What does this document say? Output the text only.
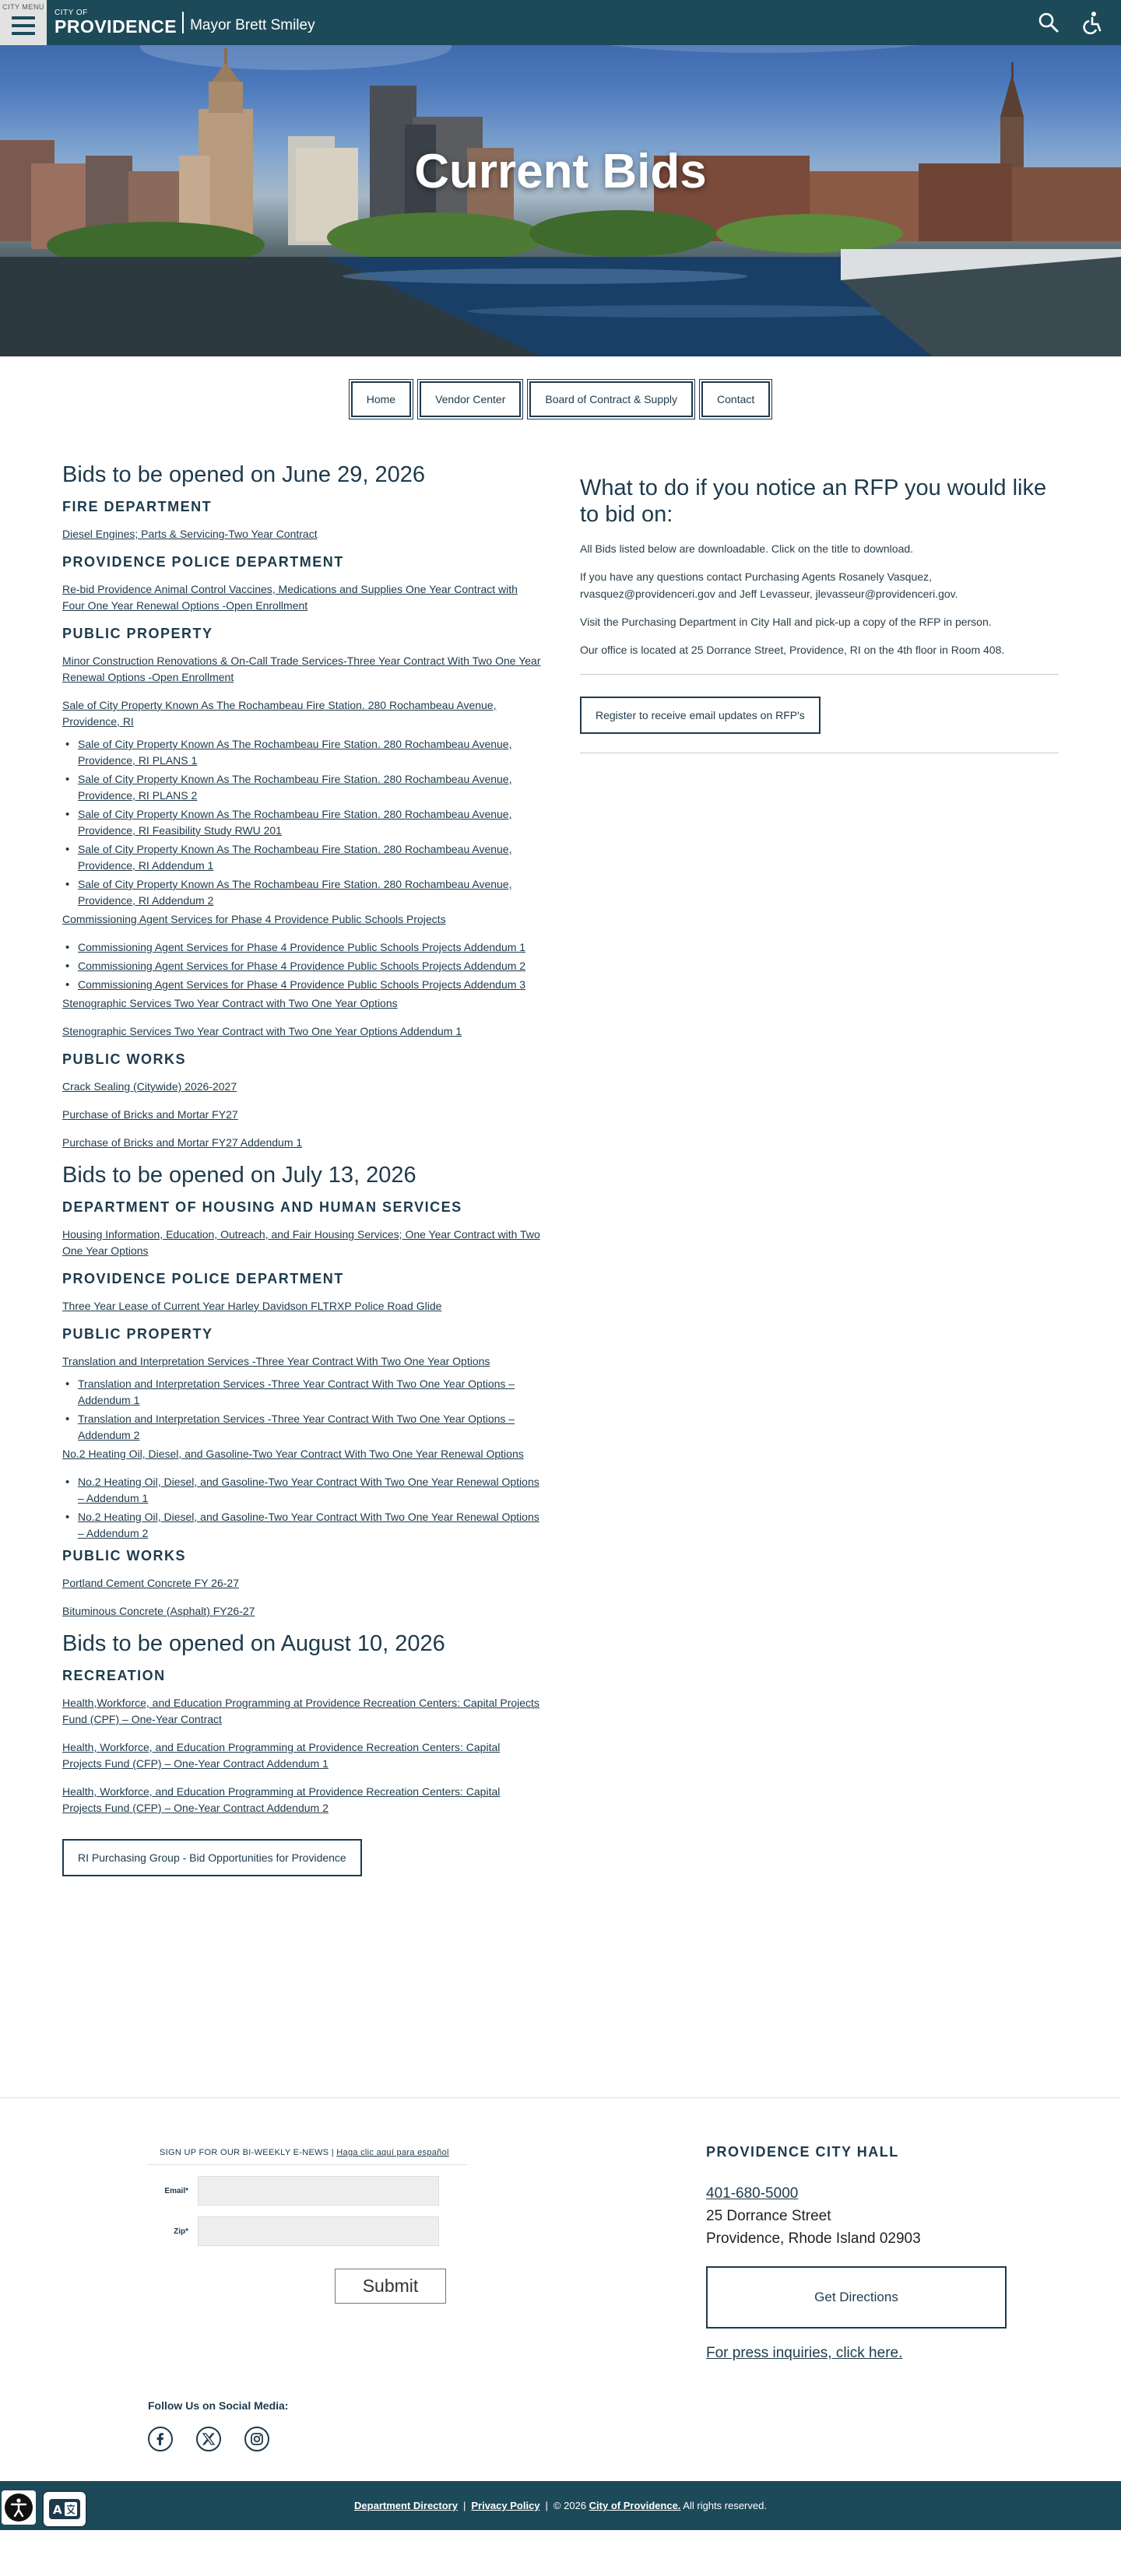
Current Bids
CITY MENU
CITY OF
PROVIDENCE Mayor Brett Smiley
Home	Vendor Center	Board of Contract & Supply	Contact
Bids to be opened on June 29, 2026
FIRE DEPARTMENT

Diesel Engines; Parts & Servicing-Two Year Contract

PROVIDENCE POLICE DEPARTMENT

Re-bid Providence Animal Control Vaccines, Medications and Supplies One Year Contract with Four One Year Renewal Options -Open Enrollment

PUBLIC PROPERTY

Minor Construction Renovations & On-Call Trade Services-Three Year Contract With Two One Year Renewal Options -Open Enrollment

Sale of City Property Known As The Rochambeau Fire Station. 280 Rochambeau Avenue, Providence, RI

• Sale of City Property Known As The Rochambeau Fire Station. 280 Rochambeau Avenue, Providence, RI PLANS 1
• Sale of City Property Known As The Rochambeau Fire Station. 280 Rochambeau Avenue, Providence, RI PLANS 2
• Sale of City Property Known As The Rochambeau Fire Station. 280 Rochambeau Avenue, Providence, RI Feasibility Study RWU 201
• Sale of City Property Known As The Rochambeau Fire Station. 280 Rochambeau Avenue, Providence, RI Addendum 1
• Sale of City Property Known As The Rochambeau Fire Station. 280 Rochambeau Avenue, Providence, RI Addendum 2

Commissioning Agent Services for Phase 4 Providence Public Schools Projects

• Commissioning Agent Services for Phase 4 Providence Public Schools Projects Addendum 1
• Commissioning Agent Services for Phase 4 Providence Public Schools Projects Addendum 2
• Commissioning Agent Services for Phase 4 Providence Public Schools Projects Addendum 3

Stenographic Services Two Year Contract with Two One Year Options

Stenographic Services Two Year Contract with Two One Year Options Addendum 1

PUBLIC WORKS

Crack Sealing (Citywide) 2026-2027

Purchase of Bricks and Mortar FY27

Purchase of Bricks and Mortar FY27 Addendum 1

Bids to be opened on July 13, 2026
DEPARTMENT OF HOUSING AND HUMAN SERVICES

Housing Information, Education, Outreach, and Fair Housing Services; One Year Contract with Two One Year Options

PROVIDENCE POLICE DEPARTMENT

Three Year Lease of Current Year Harley Davidson FLTRXP Police Road Glide

PUBLIC PROPERTY

Translation and Interpretation Services -Three Year Contract With Two One Year Options

• Translation and Interpretation Services -Three Year Contract With Two One Year Options – Addendum 1
• Translation and Interpretation Services -Three Year Contract With Two One Year Options – Addendum 2

No.2 Heating Oil, Diesel, and Gasoline-Two Year Contract With Two One Year Renewal Options

• No.2 Heating Oil, Diesel, and Gasoline-Two Year Contract With Two One Year Renewal Options – Addendum 1
• No.2 Heating Oil, Diesel, and Gasoline-Two Year Contract With Two One Year Renewal Options – Addendum 2
PUBLIC WORKS

Portland Cement Concrete FY 26-27

Bituminous Concrete (Asphalt) FY26-27

Bids to be opened on August 10, 2026
RECREATION

Health,Workforce, and Education Programming at Providence Recreation Centers: Capital Projects Fund (CPF) – One-Year Contract

Health, Workforce, and Education Programming at Providence Recreation Centers: Capital Projects Fund (CFP) – One-Year Contract Addendum 1

Health, Workforce, and Education Programming at Providence Recreation Centers: Capital Projects Fund (CFP) – One-Year Contract Addendum 2

RI Purchasing Group - Bid Opportunities for Providence
What to do if you notice an RFP you would like to bid on:

All Bids listed below are downloadable. Click on the title to download.

If you have any questions contact Purchasing Agents Rosanely Vasquez, rvasquez@providenceri.gov and Jeff Levasseur, jlevasseur@providenceri.gov.

Visit the Purchasing Department in City Hall and pick-up a copy of the RFP in person.

Our office is located at 25 Dorrance Street, Providence, RI on the 4th floor in Room 408.

Register to receive email updates on RFP's
SIGN UP FOR OUR BI-WEEKLY E-NEWS | Haga clic aquí para español
Email*
Zip*
Submit
Follow Us on Social Media:
PROVIDENCE CITY HALL
401-680-5000
25 Dorrance Street
Providence, Rhode Island 02903
Get Directions
For press inquiries, click here.
Department Directory | Privacy Policy | © 2026 City of Providence. All rights reserved.
A
